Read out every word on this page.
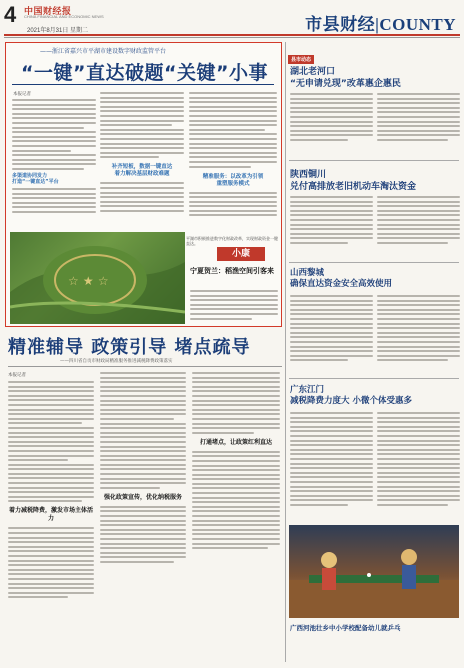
4 中国财经报
CHINA FINANCIAL AND ECONOMIC NEWS
2021年8月31日 星期二	市县财经|COUNTY
——浙江省嘉兴市平湖市建设数字财政监管平台
“一键”直达破题“关键”小事
本报记者
多渠道协同发力
打造“一键直达”平台
补齐短板，数据一键直达
着力解决基层财政难题	精准服务：以改革为引领
重塑服务模式
☆ ★ ☆
平湖市积极推进数字化财政改革，实现财政资金一键直达。
小康
宁夏贺兰：稻渔空间引客来
精准辅导 政策引导 堵点疏导
——四川省自贡市财政局精准服务推进减税降费政策落实
本报记者
着力减税降费，激发市场主体活力
强化政策宣传，优化纳税服务
打通堵点，让政策红利直达
县市动态
湖北老河口
“无申请兑现”改革惠企惠民
陕西铜川
兑付高排放老旧机动车淘汰资金
山西黎城
确保直达资金安全高效使用
广东江门
减税降费力度大 小微个体受惠多
广西河池壮乡中小学校配备幼儿就乒乓
